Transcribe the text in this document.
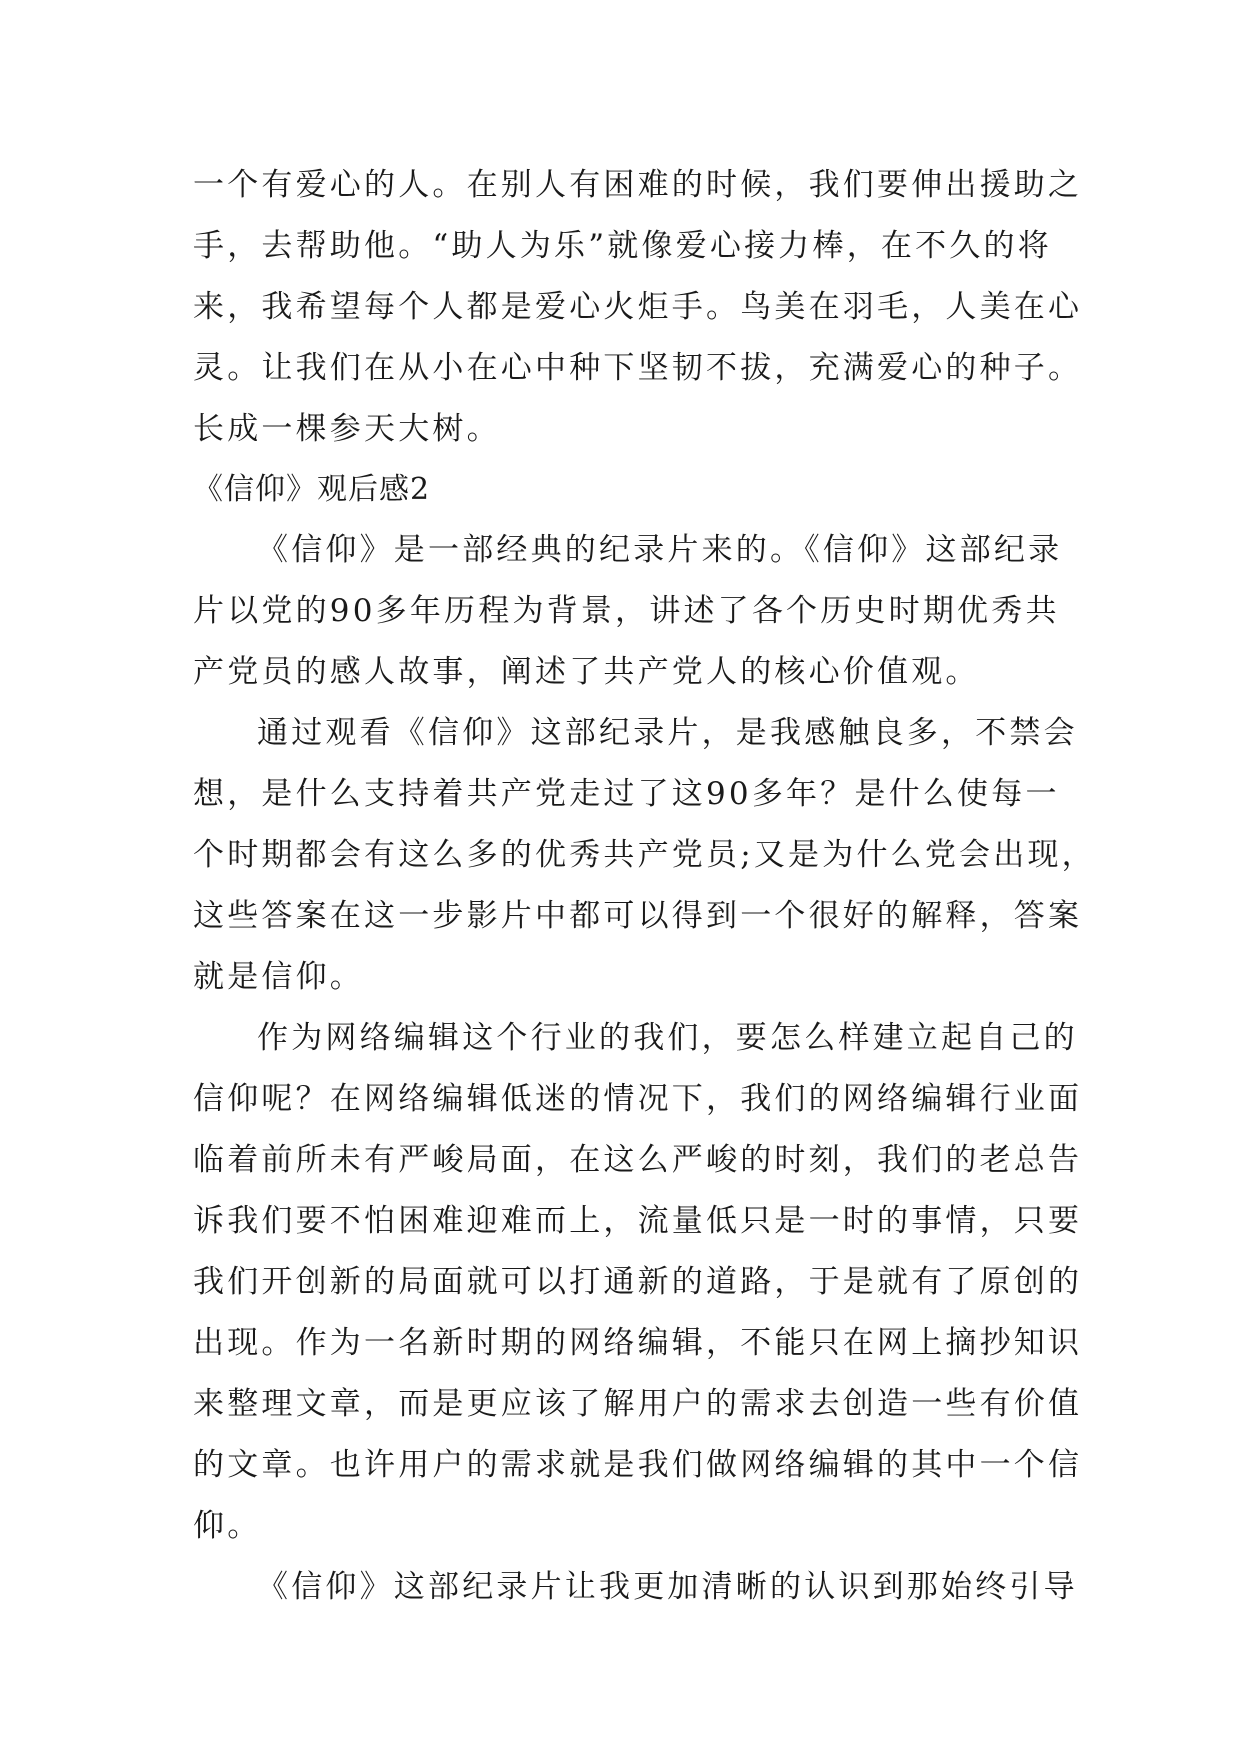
一个有爱心的人。在别人有困难的时候，我们要伸出援助之
手，去帮助他。“助人为乐”就像爱心接力棒，在不久的将
来，我希望每个人都是爱心火炬手。鸟美在羽毛，人美在心
灵。让我们在从小在心中种下坚韧不拔，充满爱心的种子。
长成一棵参天大树。
《信仰》观后感2
《信仰》是一部经典的纪录片来的。《信仰》这部纪录
片以党的90多年历程为背景，讲述了各个历史时期优秀共
产党员的感人故事，阐述了共产党人的核心价值观。
通过观看《信仰》这部纪录片，是我感触良多，不禁会
想，是什么支持着共产党走过了这90多年？是什么使每一
个时期都会有这么多的优秀共产党员;又是为什么党会出现，
这些答案在这一步影片中都可以得到一个很好的解释，答案
就是信仰。
作为网络编辑这个行业的我们，要怎么样建立起自己的
信仰呢？在网络编辑低迷的情况下，我们的网络编辑行业面
临着前所未有严峻局面，在这么严峻的时刻，我们的老总告
诉我们要不怕困难迎难而上，流量低只是一时的事情，只要
我们开创新的局面就可以打通新的道路，于是就有了原创的
出现。作为一名新时期的网络编辑，不能只在网上摘抄知识
来整理文章，而是更应该了解用户的需求去创造一些有价值
的文章。也许用户的需求就是我们做网络编辑的其中一个信
仰。
《信仰》这部纪录片让我更加清晰的认识到那始终引导
